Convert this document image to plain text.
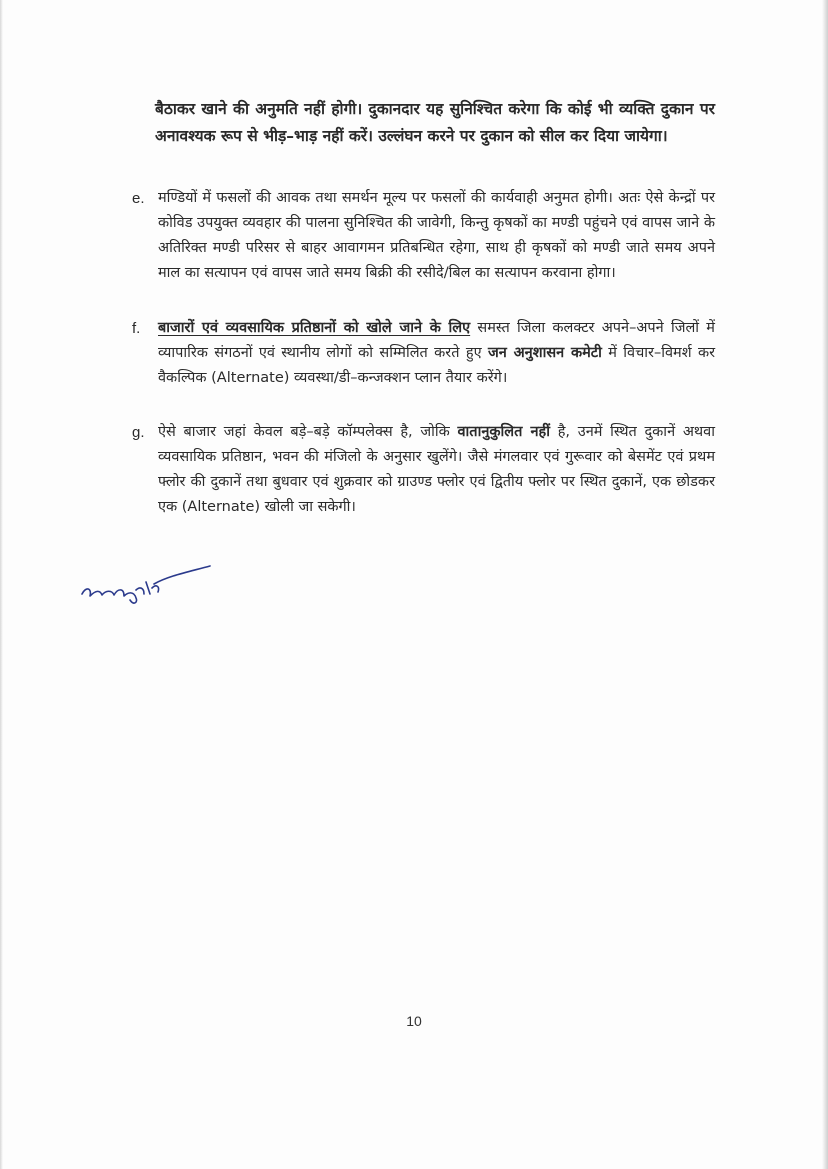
बैठाकर खाने की अनुमति नहीं होगी। दुकानदार यह सुनिश्चित करेगा कि कोई भी व्यक्ति दुकान पर अनावश्यक रूप से भीड़–भाड़ नहीं करें। उल्लंघन करने पर दुकान को सील कर दिया जायेगा।

e. मण्डियों में फसलों की आवक तथा समर्थन मूल्य पर फसलों की कार्यवाही अनुमत होगी। अतः ऐसे केन्द्रों पर कोविड उपयुक्त व्यवहार की पालना सुनिश्चित की जावेगी, किन्तु कृषकों का मण्डी पहुंचने एवं वापस जाने के अतिरिक्त मण्डी परिसर से बाहर आवागमन प्रतिबन्धित रहेगा, साथ ही कृषकों को मण्डी जाते समय अपने माल का सत्यापन एवं वापस जाते समय बिक्री की रसीदे/बिल का सत्यापन करवाना होगा।

f.	बाजारों एवं व्यवसायिक प्रतिष्ठानों को खोले जाने के लिए समस्त जिला कलक्टर अपने–अपने जिलों में व्यापारिक संगठनों एवं स्थानीय लोगों को सम्मिलित करते हुए जन अनुशासन कमेटी में विचार–विमर्श कर वैकल्पिक (Alternate) व्यवस्था/डी–कन्जक्शन प्लान तैयार करेंगे।

g. ऐसे बाजार जहां केवल बड़े–बड़े कॉम्पलेक्स है, जोकि वातानुकुलित नहीं है, उनमें स्थित दुकानें अथवा व्यवसायिक प्रतिष्ठान, भवन की मंजिलो के अनुसार खुलेंगे। जैसे मंगलवार एवं गुरूवार को बेसमेंट एवं प्रथम फ्लोर की दुकानें तथा बुधवार एवं शुक्रवार को ग्राउण्ड फ्लोर एवं द्वितीय फ्लोर पर स्थित दुकानें, एक छोडकर एक (Alternate) खोली जा सकेगी।

10
